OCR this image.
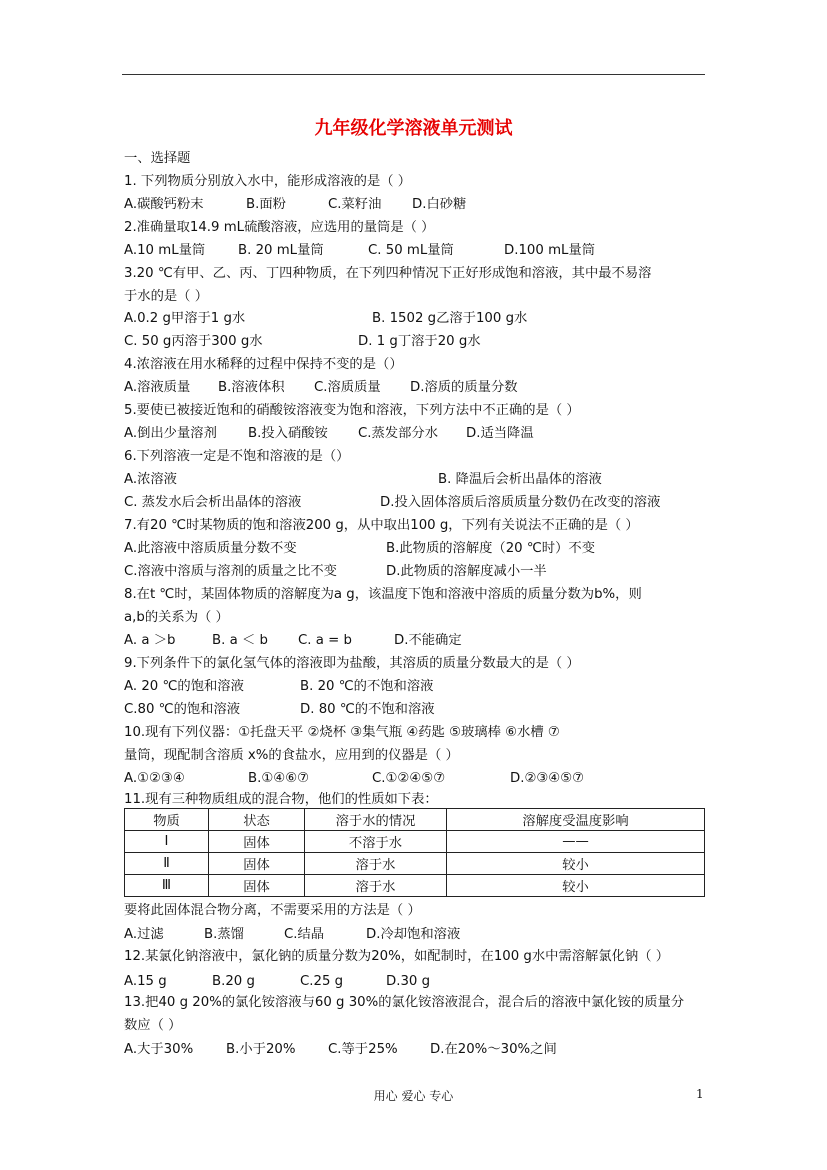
九年级化学溶液单元测试
一、选择题
1. 下列物质分别放入水中，能形成溶液的是（ ）
A.碳酸钙粉末	B.面粉	C.菜籽油 D.白砂糖
2.准确量取14.9 mL硫酸溶液，应选用的量筒是（ ）
A.10 mL量筒 B. 20 mL量筒	C. 50 mL量筒	D.100 mL量筒
3.20 ℃有甲、乙、丙、丁四种物质，在下列四种情况下正好形成饱和溶液，其中最不易溶
于水的是（ ）
A.0.2 g甲溶于1 g水	B. 1502 g乙溶于100 g水
C. 50 g丙溶于300 g水	D. 1 g丁溶于20 g水
4.浓溶液在用水稀释的过程中保持不变的是（）
A.溶液质量 B.溶液体积 C.溶质质量 D.溶质的质量分数
5.要使已被接近饱和的硝酸铵溶液变为饱和溶液，下列方法中不正确的是（ ）
A.倒出少量溶剂 B.投入硝酸铵 C.蒸发部分水 D.适当降温
6.下列溶液一定是不饱和溶液的是（）
A.浓溶液	B. 降温后会析出晶体的溶液
C. 蒸发水后会析出晶体的溶液	D.投入固体溶质后溶质质量分数仍在改变的溶液
7.有20 ℃时某物质的饱和溶液200 g，从中取出100 g，下列有关说法不正确的是（ ）
A.此溶液中溶质质量分数不变	B.此物质的溶解度（20 ℃时）不变
C.溶液中溶质与溶剂的质量之比不变	D.此物质的溶解度减小一半
8.在t ℃时，某固体物质的溶解度为a g，该温度下饱和溶液中溶质的质量分数为b%，则
a,b的关系为（ ）
A. a ＞b	B. a ＜ b C. a = b	D.不能确定
9.下列条件下的氯化氢气体的溶液即为盐酸，其溶质的质量分数最大的是（ ）
A. 20 ℃的饱和溶液	B. 20 ℃的不饱和溶液
C.80 ℃的饱和溶液	D. 80 ℃的不饱和溶液
10.现有下列仪器：①托盘天平 ②烧杯 ③集气瓶 ④药匙 ⑤玻璃棒 ⑥水槽 ⑦
量筒，现配制含溶质 x%的食盐水，应用到的仪器是（ ）
A.①②③④	B.①④⑥⑦	C.①②④⑤⑦	D.②③④⑤⑦
11.现有三种物质组成的混合物，他们的性质如下表：
物质	状态	溶于水的情况	溶解度受温度影响
Ⅰ	固体	不溶于水	——
Ⅱ	固体	溶于水	较小
Ⅲ	固体	溶于水	较小
要将此固体混合物分离，不需要采用的方法是（ ）
A.过滤	B.蒸馏	C.结晶	D.冷却饱和溶液
12.某氯化钠溶液中，氯化钠的质量分数为20%，如配制时，在100 g水中需溶解氯化钠（ ）
A.15 g	B.20 g	C.25 g	D.30 g
13.把40 g 20%的氯化铵溶液与60 g 30%的氯化铵溶液混合，混合后的溶液中氯化铵的质量分
数应（ ）
A.大于30% B.小于20% C.等于25% D.在20%～30%之间
用心 爱心 专心	1
